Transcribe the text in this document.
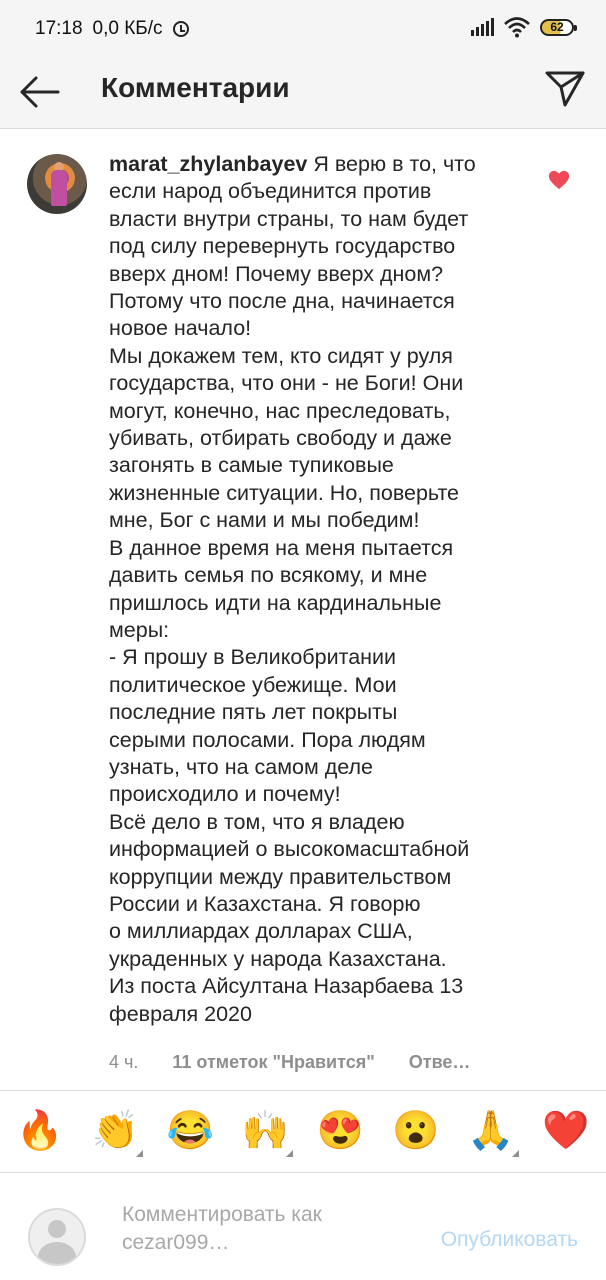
17:18 0,0 КБ/с	62
Комментарии
marat_zhylanbayev Я верю в то, что
если народ объединится против
власти внутри страны, то нам будет
под силу перевернуть государство
вверх дном! Почему вверх дном?
Потому что после дна, начинается
новое начало!
Мы докажем тем, кто сидят у руля
государства, что они - не Боги! Они
могут, конечно, нас преследовать,
убивать, отбирать свободу и даже
загонять в самые тупиковые
жизненные ситуации. Но, поверьте
мне, Бог с нами и мы победим!
В данное время на меня пытается
давить семья по всякому, и мне
пришлось идти на кардинальные
меры:
- Я прошу в Великобритании
политическое убежище. Мои
последние пять лет покрыты
серыми полосами. Пора людям
узнать, что на самом деле
происходило и почему!
Всё дело в том, что я владею
информацией о высокомасштабной
коррупции между правительством
России и Казахстана. Я говорю
о миллиардах долларах США,
украденных у народа Казахстана.
Из поста Айсултана Назарбаева 13
февраля 2020
4 ч. 11 отметок "Нравится" Отве…
🔥 👏 😂 🙌 😍 😮 🙏 ❤️
Комментировать как cezar099…	Опубликовать
